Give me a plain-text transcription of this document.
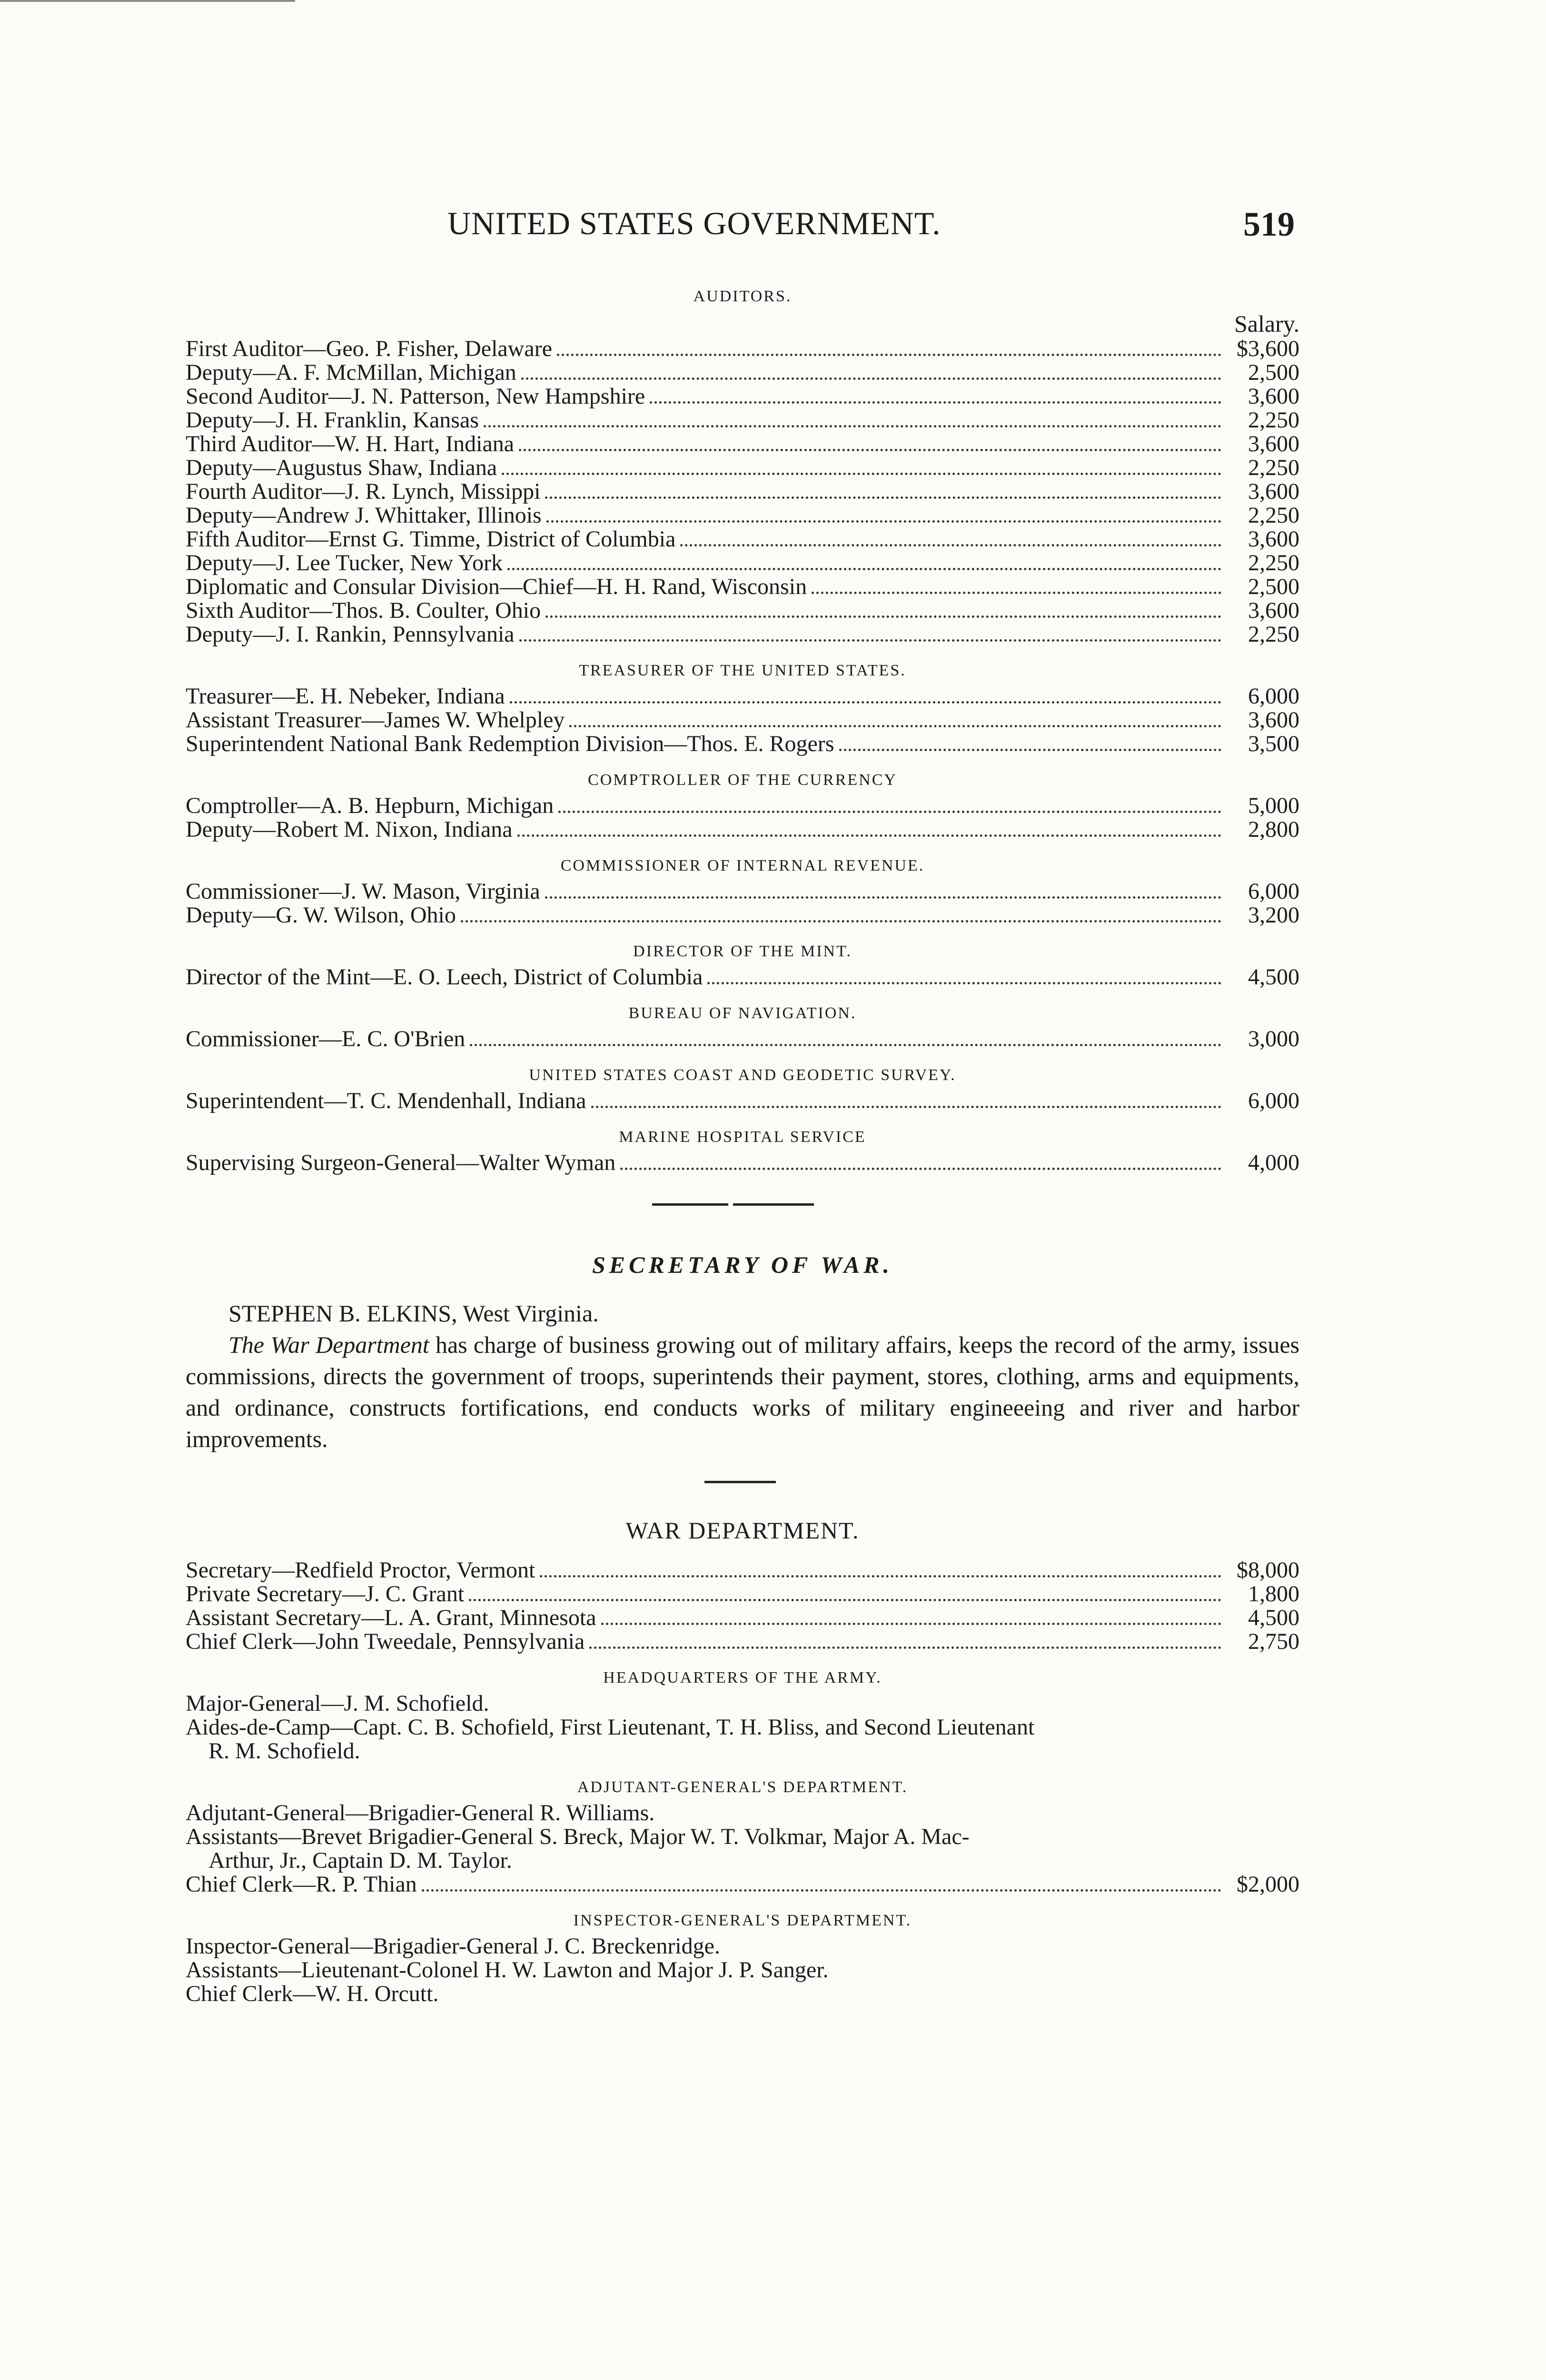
UNITED STATES GOVERNMENT.	519
AUDITORS.
Salary.
First Auditor—Geo. P. Fisher, Delaware	$3,600
Deputy—A. F. McMillan, Michigan	2,500
Second Auditor—J. N. Patterson, New Hampshire	3,600
Deputy—J. H. Franklin, Kansas	2,250
Third Auditor—W. H. Hart, Indiana	3,600
Deputy—Augustus Shaw, Indiana	2,250
Fourth Auditor—J. R. Lynch, Missippi	3,600
Deputy—Andrew J. Whittaker, Illinois	2,250
Fifth Auditor—Ernst G. Timme, District of Columbia	3,600
Deputy—J. Lee Tucker, New York	2,250
Diplomatic and Consular Division—Chief—H. H. Rand, Wisconsin	2,500
Sixth Auditor—Thos. B. Coulter, Ohio	3,600
Deputy—J. I. Rankin, Pennsylvania	2,250
TREASURER OF THE UNITED STATES.
Treasurer—E. H. Nebeker, Indiana	6,000
Assistant Treasurer—James W. Whelpley	3,600
Superintendent National Bank Redemption Division—Thos. E. Rogers	3,500
COMPTROLLER OF THE CURRENCY
Comptroller—A. B. Hepburn, Michigan	5,000
Deputy—Robert M. Nixon, Indiana	2,800
COMMISSIONER OF INTERNAL REVENUE.
Commissioner—J. W. Mason, Virginia	6,000
Deputy—G. W. Wilson, Ohio	3,200
DIRECTOR OF THE MINT.
Director of the Mint—E. O. Leech, District of Columbia	4,500
BUREAU OF NAVIGATION.
Commissioner—E. C. O'Brien	3,000
UNITED STATES COAST AND GEODETIC SURVEY.
Superintendent—T. C. Mendenhall, Indiana	6,000
MARINE HOSPITAL SERVICE
Supervising Surgeon-General—Walter Wyman	4,000
SECRETARY OF WAR.
STEPHEN B. ELKINS, West Virginia.
The War Department has charge of business growing out of military affairs, keeps the record of the army, issues commissions, directs the government of troops, superintends their payment, stores, clothing, arms and equipments, and ordinance, constructs fortifications, end conducts works of military engineeeing and river and harbor improvements.
WAR DEPARTMENT.
Secretary—Redfield Proctor, Vermont	$8,000
Private Secretary—J. C. Grant	1,800
Assistant Secretary—L. A. Grant, Minnesota	4,500
Chief Clerk—John Tweedale, Pennsylvania	2,750
HEADQUARTERS OF THE ARMY.
Major-General—J. M. Schofield.
Aides-de-Camp—Capt. C. B. Schofield, First Lieutenant, T. H. Bliss, and Second Lieutenant
R. M. Schofield.
ADJUTANT-GENERAL'S DEPARTMENT.
Adjutant-General—Brigadier-General R. Williams.
Assistants—Brevet Brigadier-General S. Breck, Major W. T. Volkmar, Major A. Mac-
Arthur, Jr., Captain D. M. Taylor.
Chief Clerk—R. P. Thian	$2,000
INSPECTOR-GENERAL'S DEPARTMENT.
Inspector-General—Brigadier-General J. C. Breckenridge.
Assistants—Lieutenant-Colonel H. W. Lawton and Major J. P. Sanger.
Chief Clerk—W. H. Orcutt.
